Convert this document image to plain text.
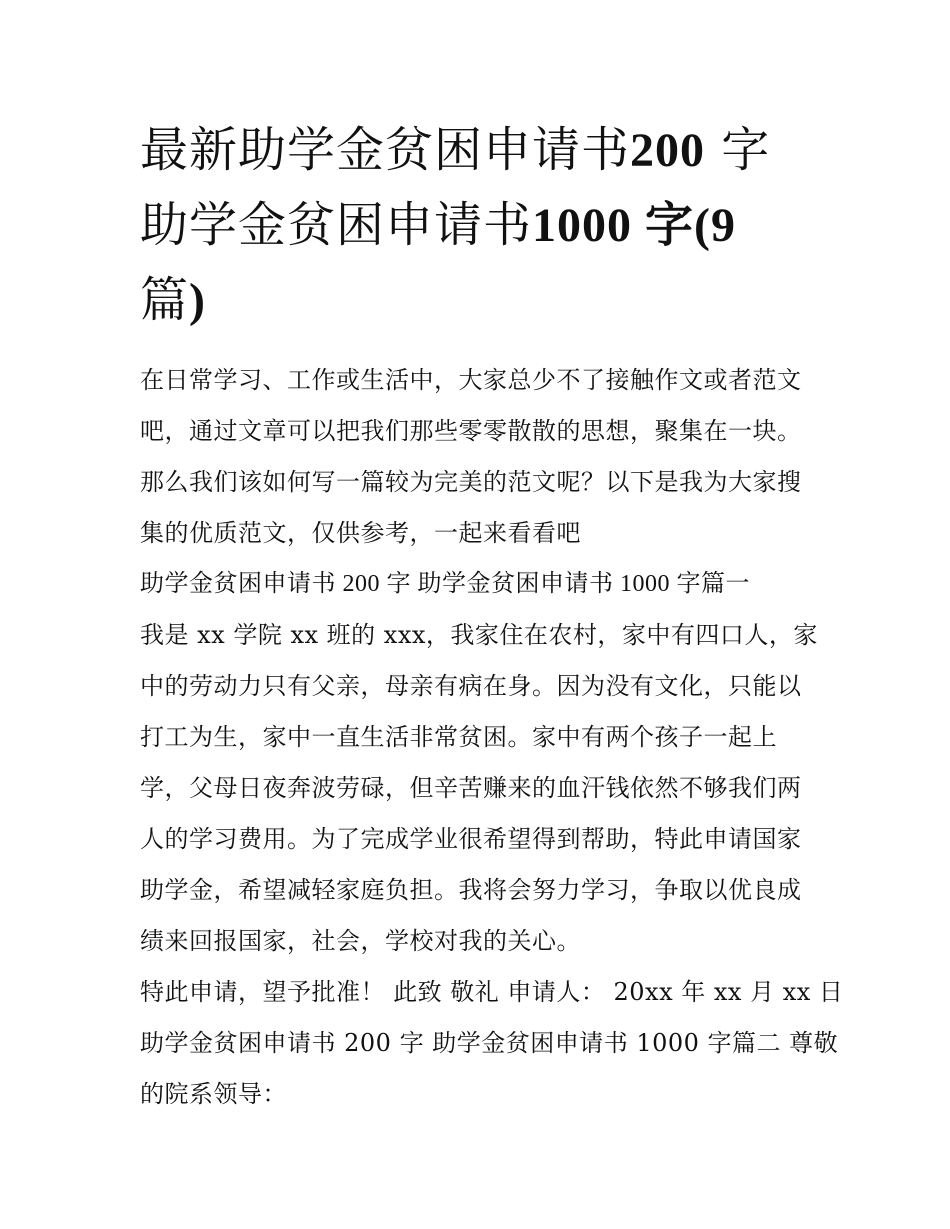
最新助学金贫困申请书200 字
助学金贫困申请书1000 字(9
篇)
在日常学习、工作或生活中，大家总少不了接触作文或者范文
吧，通过文章可以把我们那些零零散散的思想，聚集在一块。
那么我们该如何写一篇较为完美的范文呢？以下是我为大家搜
集的优质范文，仅供参考，一起来看看吧
助学金贫困申请书 200 字 助学金贫困申请书 1000 字篇一
我是 xx 学院 xx 班的 xxx，我家住在农村，家中有四口人，家
中的劳动力只有父亲，母亲有病在身。因为没有文化，只能以
打工为生，家中一直生活非常贫困。家中有两个孩子一起上
学，父母日夜奔波劳碌，但辛苦赚来的血汗钱依然不够我们两
人的学习费用。为了完成学业很希望得到帮助，特此申请国家
助学金，希望减轻家庭负担。我将会努力学习，争取以优良成
绩来回报国家，社会，学校对我的关心。
特此申请，望予批准！ 此致 敬礼 申请人： 20xx 年 xx 月 xx 日
助学金贫困申请书 200 字 助学金贫困申请书 1000 字篇二 尊敬
的院系领导：
